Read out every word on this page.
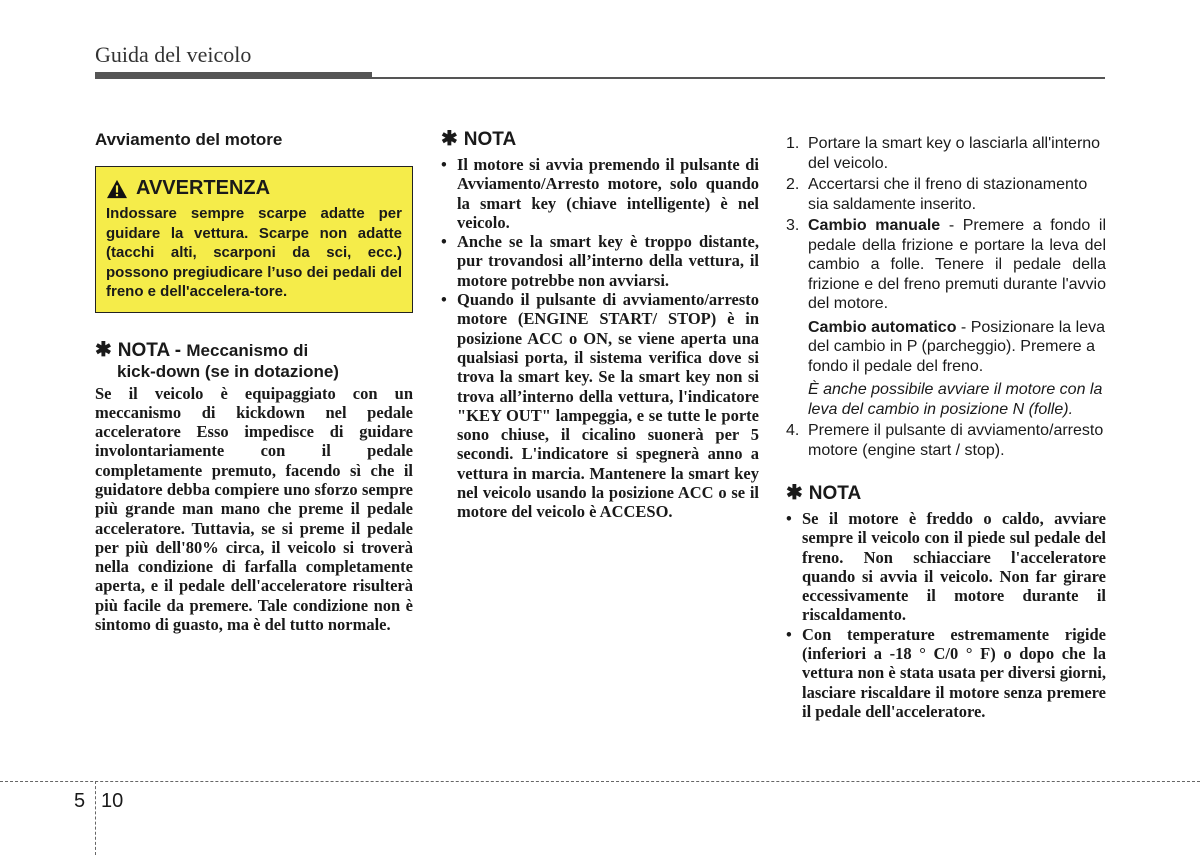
Guida del veicolo
Avviamento del motore
AVVERTENZA
Indossare sempre scarpe adatte per guidare la vettura. Scarpe non adatte (tacchi alti, scarponi da sci, ecc.) possono pregiudicare l’uso dei pedali del freno e dell'accelera-tore.
✱ NOTA - Meccanismo di
kick-down (se in dotazione)

Se il veicolo è equipaggiato con un meccanismo di kickdown nel pedale acceleratore Esso impedisce di guidare involontariamente con il pedale completamente premuto, facendo sì che il guidatore debba compiere uno sforzo sempre più grande man mano che preme il pedale acceleratore. Tuttavia, se si preme il pedale per più dell'80% circa, il veicolo si troverà nella condizione di farfalla completamente aperta, e il pedale dell'acceleratore risulterà più facile da premere. Tale condizione non è sintomo di guasto, ma è del tutto normale.

✱ NOTA
• Il motore si avvia premendo il pulsante di Avviamento/Arresto motore, solo quando la smart key (chiave intelligente) è nel veicolo.
• Anche se la smart key è troppo distante, pur trovandosi all’interno della vettura, il motore potrebbe non avviarsi.
• Quando il pulsante di avviamento/arresto motore (ENGINE START/ STOP) è in posizione ACC o ON, se viene aperta una qualsiasi porta, il sistema verifica dove si trova la smart key. Se la smart key non si trova all’interno della vettura, l'indicatore "KEY OUT" lampeggia, e se tutte le porte sono chiuse, il cicalino suonerà per 5 secondi. L'indicatore si spegnerà anno a vettura in marcia. Mantenere la smart key nel veicolo usando la posizione ACC o se il motore del veicolo è ACCESO.
1. Portare la smart key o lasciarla all'interno del veicolo.
2. Accertarsi che il freno di stazionamento sia saldamente inserito.
3. Cambio manuale - Premere a fondo il pedale della frizione e portare la leva del cambio a folle. Tenere il pedale della frizione e del freno premuti durante l'avvio del motore.
Cambio automatico - Posizionare la leva del cambio in P (parcheggio). Premere a fondo il pedale del freno.
È anche possibile avviare il motore con la leva del cambio in posizione N (folle).
4. Premere il pulsante di avviamento/arresto motore (engine start / stop).
✱ NOTA
• Se il motore è freddo o caldo, avviare sempre il veicolo con il piede sul pedale del freno. Non schiacciare l'acceleratore quando si avvia il veicolo. Non far girare eccessivamente il motore durante il riscaldamento.
• Con temperature estremamente rigide (inferiori a -18 ° C/0 ° F) o dopo che la vettura non è stata usata per diversi giorni, lasciare riscaldare il motore senza premere il pedale dell'acceleratore.
5 10
